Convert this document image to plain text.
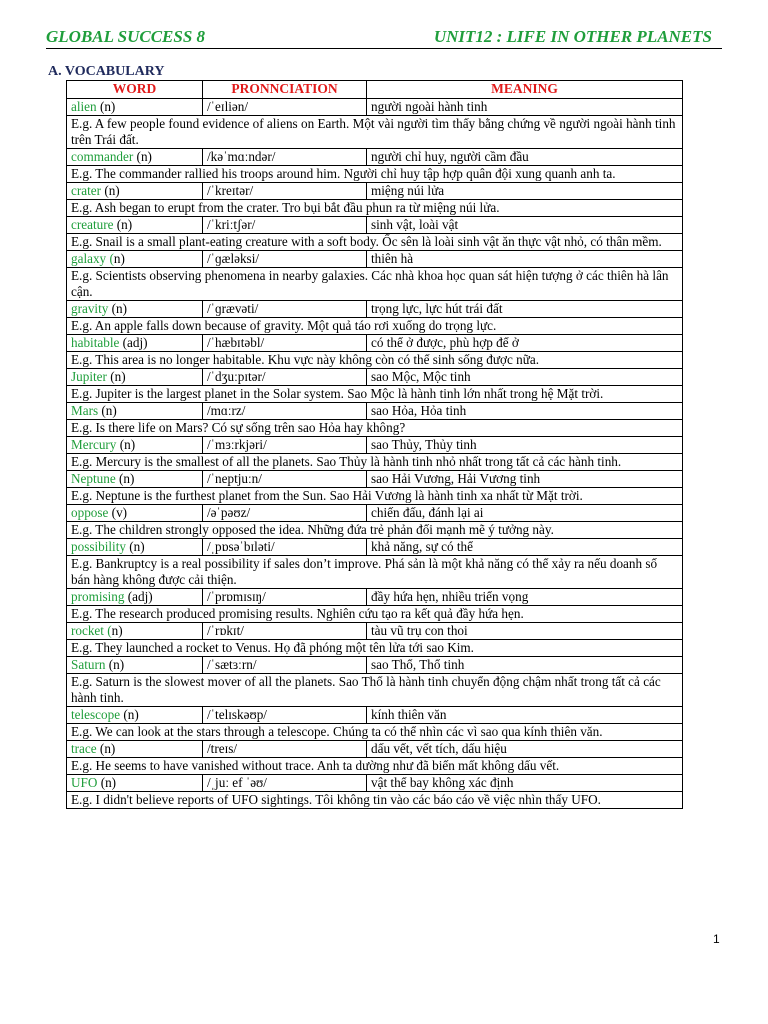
GLOBAL SUCCESS 8	UNIT12 : LIFE IN OTHER PLANETS
A. VOCABULARY
WORD	PRONNCIATION	MEANING
alien (n)	/ˈeɪliən/	người ngoài hành tinh
E.g. A few people found evidence of aliens on Earth. Một vài người tìm thấy bằng chứng về người ngoài hành tinh trên Trái đất.		
commander (n)	/kəˈmɑːndər/	người chỉ huy, người cầm đầu
E.g. The commander rallied his troops around him. Người chỉ huy tập hợp quân đội xung quanh anh ta.		
crater (n)	/ˈkreɪtər/	miệng núi lửa
E.g. Ash began to erupt from the crater. Tro bụi bắt đầu phun ra từ miệng núi lửa.		
creature (n)	/ˈkriːtʃər/	sinh vật, loài vật
E.g. Snail is a small plant-eating creature with a soft body. Ốc sên là loài sinh vật ăn thực vật nhỏ, có thân mềm.		
galaxy (n)	/ˈɡæləksi/	thiên hà
E.g. Scientists observing phenomena in nearby galaxies. Các nhà khoa học quan sát hiện tượng ở các thiên hà lân cận.		
gravity (n)	/ˈɡrævəti/	trọng lực, lực hút trái đất
E.g. An apple falls down because of gravity. Một quả táo rơi xuống do trọng lực.		
habitable (adj)	/ˈhæbɪtəbl/	có thể ở được, phù hợp để ở
E.g. This area is no longer habitable. Khu vực này không còn có thể sinh sống được nữa.		
Jupiter (n)	/ˈdʒuːpɪtər/	sao Mộc, Mộc tinh
E.g. Jupiter is the largest planet in the Solar system. Sao Mộc là hành tinh lớn nhất trong hệ Mặt trời.		
Mars (n)	/mɑːrz/	sao Hỏa, Hỏa tinh
E.g. Is there life on Mars? Có sự sống trên sao Hỏa hay không?		
Mercury (n)	/ˈmɜːrkjəri/	sao Thủy, Thủy tinh
E.g. Mercury is the smallest of all the planets. Sao Thủy là hành tinh nhỏ nhất trong tất cả các hành tinh.		
Neptune (n)	/ˈneptjuːn/	sao Hải Vương, Hải Vương tinh
E.g. Neptune is the furthest planet from the Sun. Sao Hải Vương là hành tinh xa nhất từ Mặt trời.		
oppose (v)	/əˈpəʊz/	chiến đấu, đánh lại ai
E.g. The children strongly opposed the idea. Những đứa trẻ phản đối mạnh mẽ ý tưởng này.		
possibility (n)	/ˌpɒsəˈbɪləti/	khả năng, sự có thể
E.g. Bankruptcy is a real possibility if sales don’t improve. Phá sản là một khả năng có thể xảy ra nếu doanh số bán hàng không được cải thiện.		
promising (adj)	/ˈprɒmɪsɪŋ/	đầy hứa hẹn, nhiều triển vọng
E.g. The research produced promising results. Nghiên cứu tạo ra kết quả đầy hứa hẹn.		
rocket (n)	/ˈrɒkɪt/	tàu vũ trụ con thoi
E.g. They launched a rocket to Venus. Họ đã phóng một tên lửa tới sao Kim.		
Saturn (n)	/ˈsætɜːrn/	sao Thổ, Thổ tinh
E.g. Saturn is the slowest mover of all the planets. Sao Thổ là hành tinh chuyển động chậm nhất trong tất cả các hành tinh.		
telescope (n)	/ˈtelɪskəʊp/	kính thiên văn
E.g. We can look at the stars through a telescope. Chúng ta có thể nhìn các vì sao qua kính thiên văn.		
trace (n)	/treɪs/	dấu vết, vết tích, dấu hiệu
E.g. He seems to have vanished without trace. Anh ta dường như đã biến mất không dấu vết.		
UFO (n)	/ˌjuː ef ˈəʊ/	vật thể bay không xác định
E.g. I didn't believe reports of UFO sightings. Tôi không tin vào các báo cáo về việc nhìn thấy UFO.		
1
